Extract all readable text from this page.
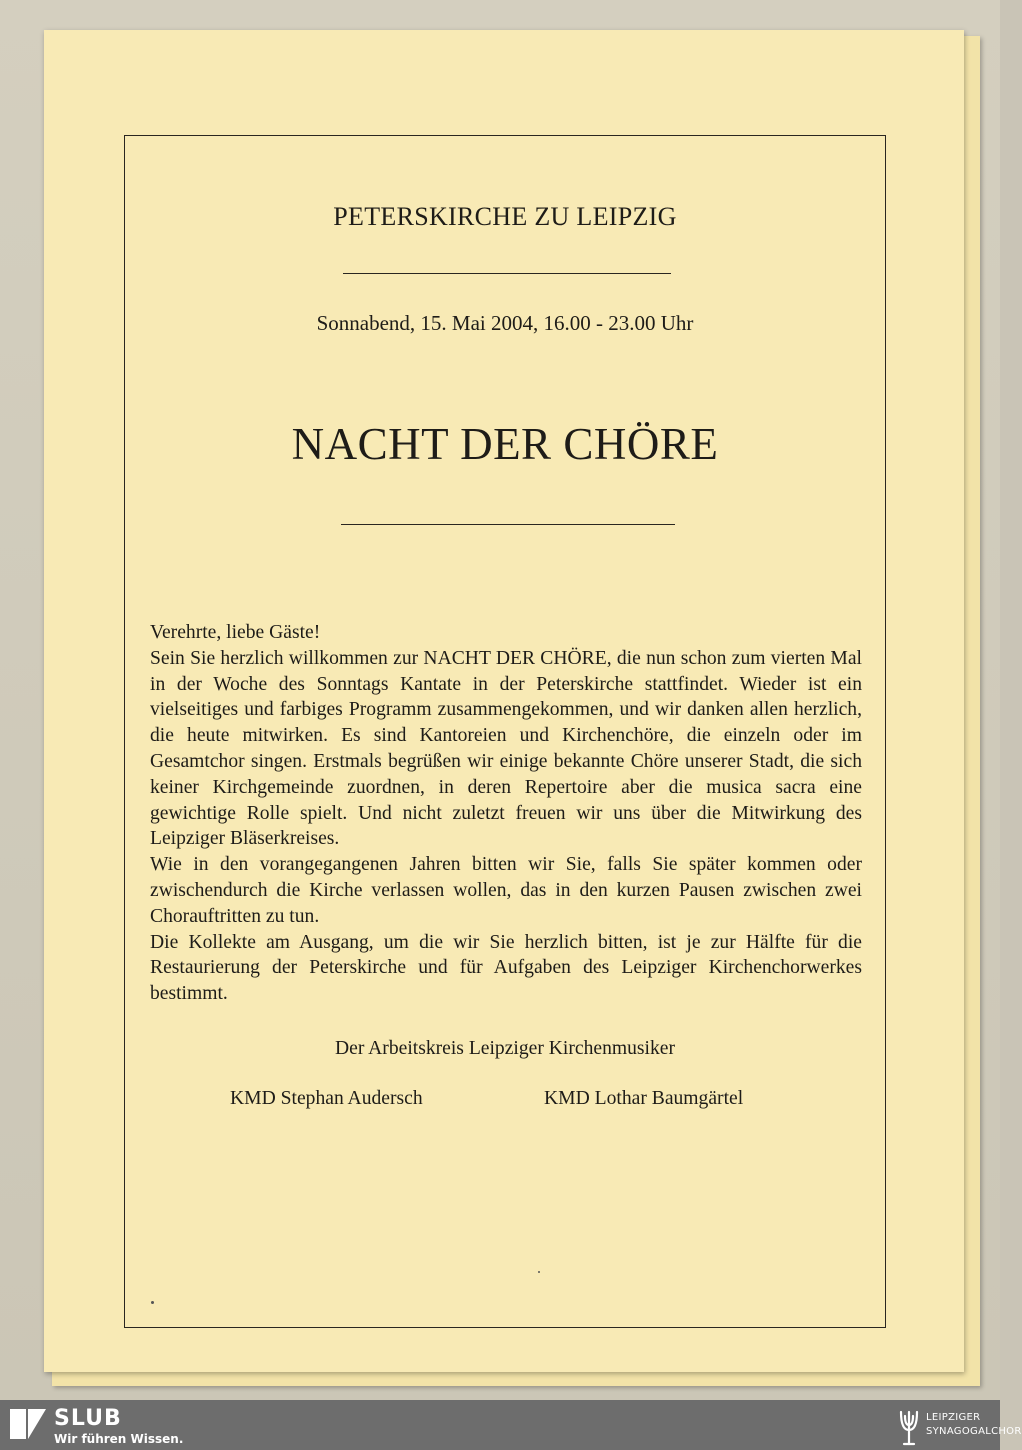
PETERSKIRCHE ZU LEIPZIG
Sonnabend, 15. Mai 2004, 16.00 - 23.00 Uhr
NACHT DER CHÖRE

Verehrte, liebe Gäste!

Sein Sie herzlich willkommen zur NACHT DER CHÖRE, die nun schon zum vierten Mal in der Woche des Sonntags Kantate in der Peterskirche stattfindet. Wieder ist ein vielseitiges und farbiges Programm zusammengekommen, und wir danken allen herzlich, die heute mitwirken. Es sind Kantoreien und Kirchenchöre, die einzeln oder im Gesamtchor singen. Erstmals begrüßen wir einige bekannte Chöre unserer Stadt, die sich keiner Kirchgemeinde zuordnen, in deren Repertoire aber die musica sacra eine gewichtige Rolle spielt. Und nicht zuletzt freuen wir uns über die Mitwirkung des Leipziger Bläserkreises.

Wie in den vorangegangenen Jahren bitten wir Sie, falls Sie später kommen oder zwischendurch die Kirche verlassen wollen, das in den kurzen Pausen zwischen zwei Chorauftritten zu tun.

Die Kollekte am Ausgang, um die wir Sie herzlich bitten, ist je zur Hälfte für die Restaurierung der Peterskirche und für Aufgaben des Leipziger Kirchenchorwerkes bestimmt.

Der Arbeitskreis Leipziger Kirchenmusiker
KMD Stephan Audersch	KMD Lothar Baumgärtel
SLUB
Wir führen Wissen.
LEIPZIGER
SYNAGOGALCHOR
